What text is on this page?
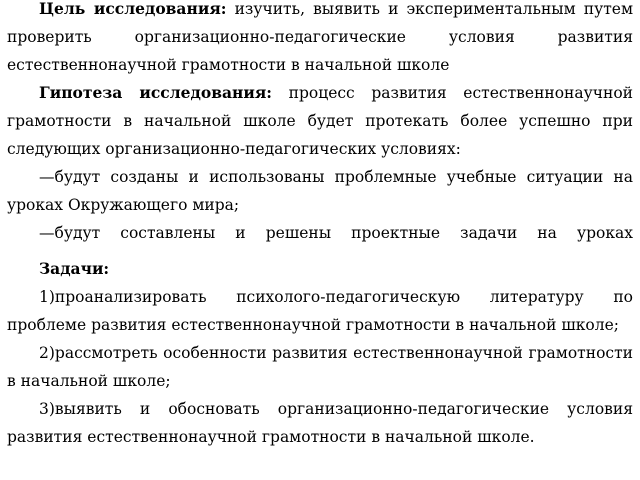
Цель исследования: изучить, выявить и экспериментальным путем проверить организационно-педагогические условия развития естественнонаучной грамотности в начальной школе

Гипотеза исследования: процесс развития естественнонаучной грамотности в начальной школе будет протекать более успешно при следующих организационно-педагогических условиях:

—будут созданы и использованы проблемные учебные ситуации на уроках Окружающего мира;

—будут составлены и решены проектные задачи на уроках

Задачи:

1)проанализировать психолого-педагогическую литературу по проблеме развития естественнонаучной грамотности в начальной школе;

2)рассмотреть особенности развития естественнонаучной грамотности в начальной школе;

3)выявить и обосновать организационно-педагогические условия развития естественнонаучной грамотности в начальной школе.
